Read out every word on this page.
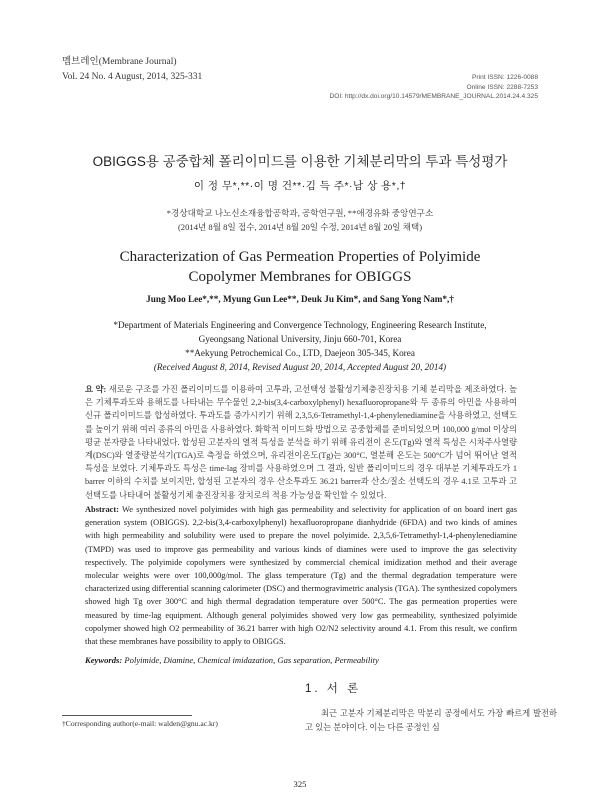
멤브레인(Membrane Journal)
Vol. 24 No. 4 August, 2014, 325-331	Print ISSN: 1226-0088
Online ISSN: 2288-7253
DOI: http://dx.doi.org/10.14579/MEMBRANE_JOURNAL.2014.24.4.325
OBIGGS용 공중합체 폴리이미드를 이용한 기체분리막의 투과 특성평가
이 정 무*,**·이 명 건**·김 득 주*·남 상 용*,†
*경상대학교 나노신소재융합공학과, 공학연구원, **애경유화 중앙연구소
(2014년 8월 8일 접수, 2014년 8월 20일 수정, 2014년 8월 20일 채택)
Characterization of Gas Permeation Properties of Polyimide Copolymer Membranes for OBIGGS
Jung Moo Lee*,**, Myung Gun Lee**, Deuk Ju Kim*, and Sang Yong Nam*,†
*Department of Materials Engineering and Convergence Technology, Engineering Research Institute,
Gyeongsang National University, Jinju 660-701, Korea
**Aekyung Petrochemical Co., LTD, Daejeon 305-345, Korea
(Received August 8, 2014, Revised August 20, 2014, Accepted August 20, 2014)
요 약: 새로운 구조를 가진 폴리이미드를 이용하여 고투과, 고선택성 불활성기체충진장치용 기체 분리막을 제조하였다. 높은 기체투과도와 용해도를 나타내는 무수물인 2,2-bis(3,4-carboxylphenyl) hexafluoropropane와 두 종류의 아민을 사용하여 신규 폴리이미드를 합성하였다. 투과도를 증가시키기 위해 2,3,5,6-Tetramethyl-1,4-phenylenediamine을 사용하였고, 선택도를 높이기 위해 여러 종류의 아민을 사용하였다. 화학적 이미드화 방법으로 공중합체를 준비되었으며 100,000 g/mol 이상의 평균 분자량을 나타내었다. 합성된 고분자의 열적 특성을 분석을 하기 위해 유리전이 온도(Tg)와 열적 특성은 시차주사열량계(DSC)와 열중량분석기(TGA)로 측정을 하였으며, 유리전이온도(Tg)는 300°C, 열분해 온도는 500°C가 넘어 뛰어난 열적 특성을 보였다. 기체투과도 특성은 time-lag 장비를 사용하였으며 그 결과, 일반 폴리이미드의 경우 대부분 기체투과도가 1 barrer 이하의 수치를 보이지만, 합성된 고분자의 경우 산소투과도 36.21 barrer과 산소/질소 선택도의 경우 4.1로 고투과 고선택도를 나타내어 불활성기체 충진장치용 장치로의 적용 가능성을 확인할 수 있었다.
Abstract: We synthesized novel polyimides with high gas permeability and selectivity for application of on board inert gas generation system (OBIGGS). 2,2-bis(3,4-carboxylphenyl) hexafluoropropane dianhydride (6FDA) and two kinds of amines with high permeability and solubility were used to prepare the novel polyimide. 2,3,5,6-Tetramethyl-1,4-phenylenediamine (TMPD) was used to improve gas permeability and various kinds of diamines were used to improve the gas selectivity respectively. The polyimide copolymers were synthesized by commercial chemical imidization method and their average molecular weights were over 100,000g/mol. The glass temperature (Tg) and the thermal degradation temperature were characterized using differential scanning calorimeter (DSC) and thermogravimetric analysis (TGA). The synthesized copolymers showed high Tg over 300°C and high thermal degradation temperature over 500°C. The gas permeation properties were measured by time-lag equipment. Although general polyimides showed very low gas permeability, synthesized polyimide copolymer showed high O2 permeability of 36.21 barrer with high O2/N2 selectivity around 4.1. From this result, we confirm that these membranes have possibility to apply to OBIGGS.
Keywords: Polyimide, Diamine, Chemical imidazation, Gas separation, Permeability
1. 서 론
최근 고분자 기체분리막은 막분리 공정에서도 가장 빠르게 발전하고 있는 분야이다. 이는 다른 공정인 심
†Corresponding author(e-mail: walden@gnu.ac.kr)
325
